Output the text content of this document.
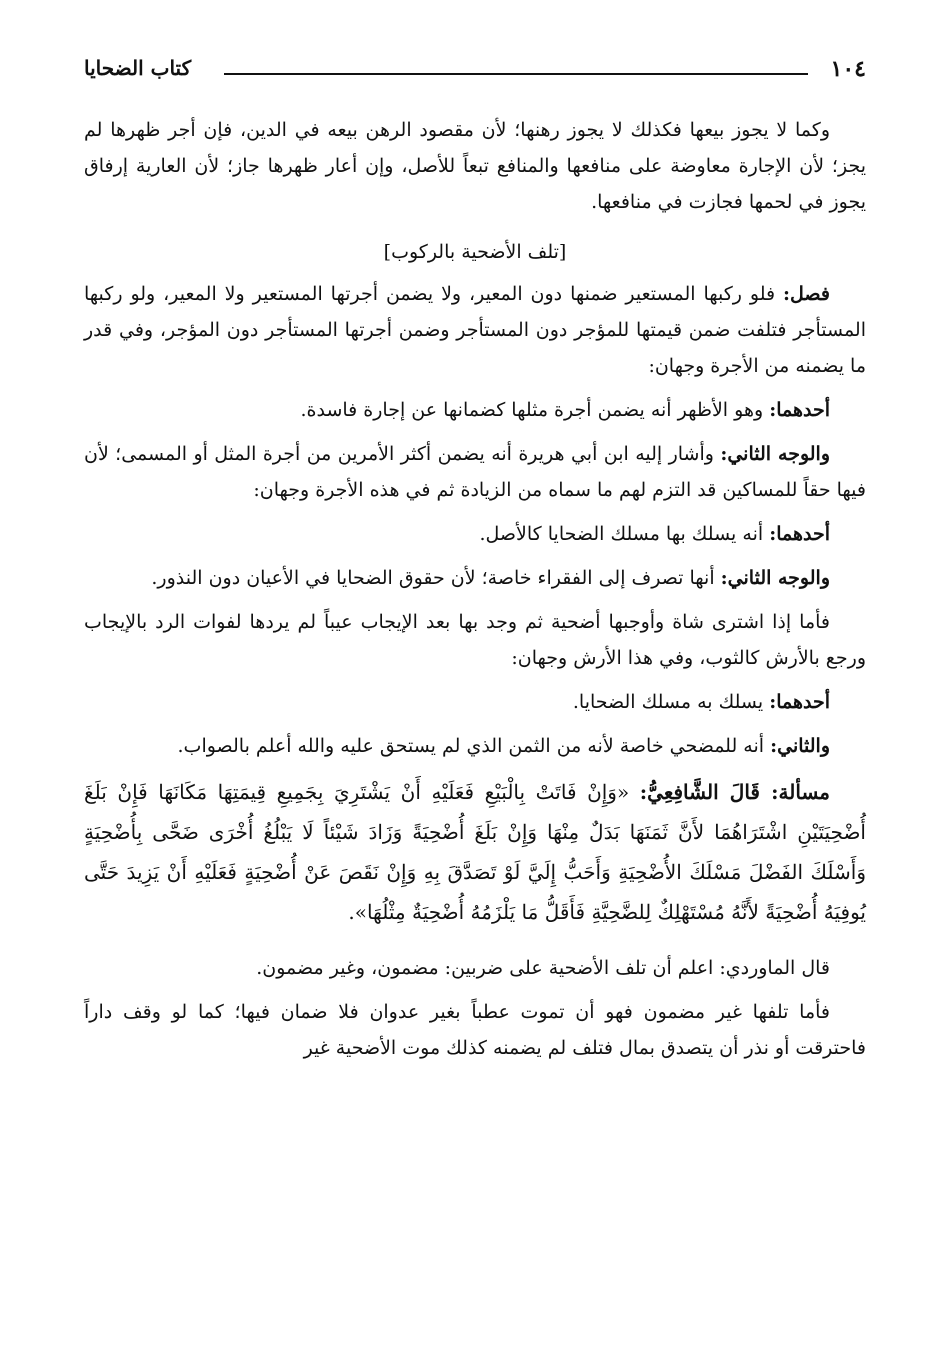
١٠٤
كتاب الضحايا

وكما لا يجوز بيعها فكذلك لا يجوز رهنها؛ لأن مقصود الرهن بيعه في الدين، فإن أجر ظهرها لم يجز؛ لأن الإجارة معاوضة على منافعها والمنافع تبعاً للأصل، وإن أعار ظهرها جاز؛ لأن العارية إرفاق يجوز في لحمها فجازت في منافعها.

[تلف الأضحية بالركوب]

فصل: فلو ركبها المستعير ضمنها دون المعير، ولا يضمن أجرتها المستعير ولا المعير، ولو ركبها المستأجر فتلفت ضمن قيمتها للمؤجر دون المستأجر وضمن أجرتها المستأجر دون المؤجر، وفي قدر ما يضمنه من الأجرة وجهان:

أحدهما: وهو الأظهر أنه يضمن أجرة مثلها كضمانها عن إجارة فاسدة.

والوجه الثاني: وأشار إليه ابن أبي هريرة أنه يضمن أكثر الأمرين من أجرة المثل أو المسمى؛ لأن فيها حقاً للمساكين قد التزم لهم ما سماه من الزيادة ثم في هذه الأجرة وجهان:

أحدهما: أنه يسلك بها مسلك الضحايا كالأصل.

والوجه الثاني: أنها تصرف إلى الفقراء خاصة؛ لأن حقوق الضحايا في الأعيان دون النذور.

فأما إذا اشترى شاة وأوجبها أضحية ثم وجد بها بعد الإيجاب عيباً لم يردها لفوات الرد بالإيجاب ورجع بالأرش كالثوب، وفي هذا الأرش وجهان:

أحدهما: يسلك به مسلك الضحايا.

والثاني: أنه للمضحي خاصة لأنه من الثمن الذي لم يستحق عليه والله أعلم بالصواب.

مسألة: قَالَ الشَّافِعِيُّ: «وَإِنْ فَاتَتْ بِالْبَيْعِ فَعَلَيْهِ أَنْ يَشْتَرِيَ بِجَمِيعِ قِيمَتِهَا مَكَانَهَا فَإِنْ بَلَغَ أُضْحِيَتَيْنِ اشْتَرَاهُمَا لأَنَّ ثَمَنَهَا بَدَلٌ مِنْهَا وَإِنْ بَلَغَ أُضْحِيَةً وَزَادَ شَيْئاً لَا يَبْلُغُ أُخْرَى ضَحَّى بِأُضْحِيَةٍ وَأَسْلَكَ الفَضْلَ مَسْلَكَ الأُضْحِيَةِ وَأَحَبُّ إِلَيَّ لَوْ تَصَدَّقَ بِهِ وَإِنْ نَقَصَ عَنْ أُضْحِيَةٍ فَعَلَيْهِ أَنْ يَزِيدَ حَتَّى يُوفِيَهُ أُضْحِيَةً لأَنَّهُ مُسْتَهْلِكٌ لِلضَّحِيَّةِ فَأَقَلُّ مَا يَلْزَمُهُ أُضْحِيَةٌ مِثْلُهَا».

قال الماوردي: اعلم أن تلف الأضحية على ضربين: مضمون، وغير مضمون.

فأما تلفها غير مضمون فهو أن تموت عطباً بغير عدوان فلا ضمان فيها؛ كما لو وقف داراً فاحترقت أو نذر أن يتصدق بمال فتلف لم يضمنه كذلك موت الأضحية غير
